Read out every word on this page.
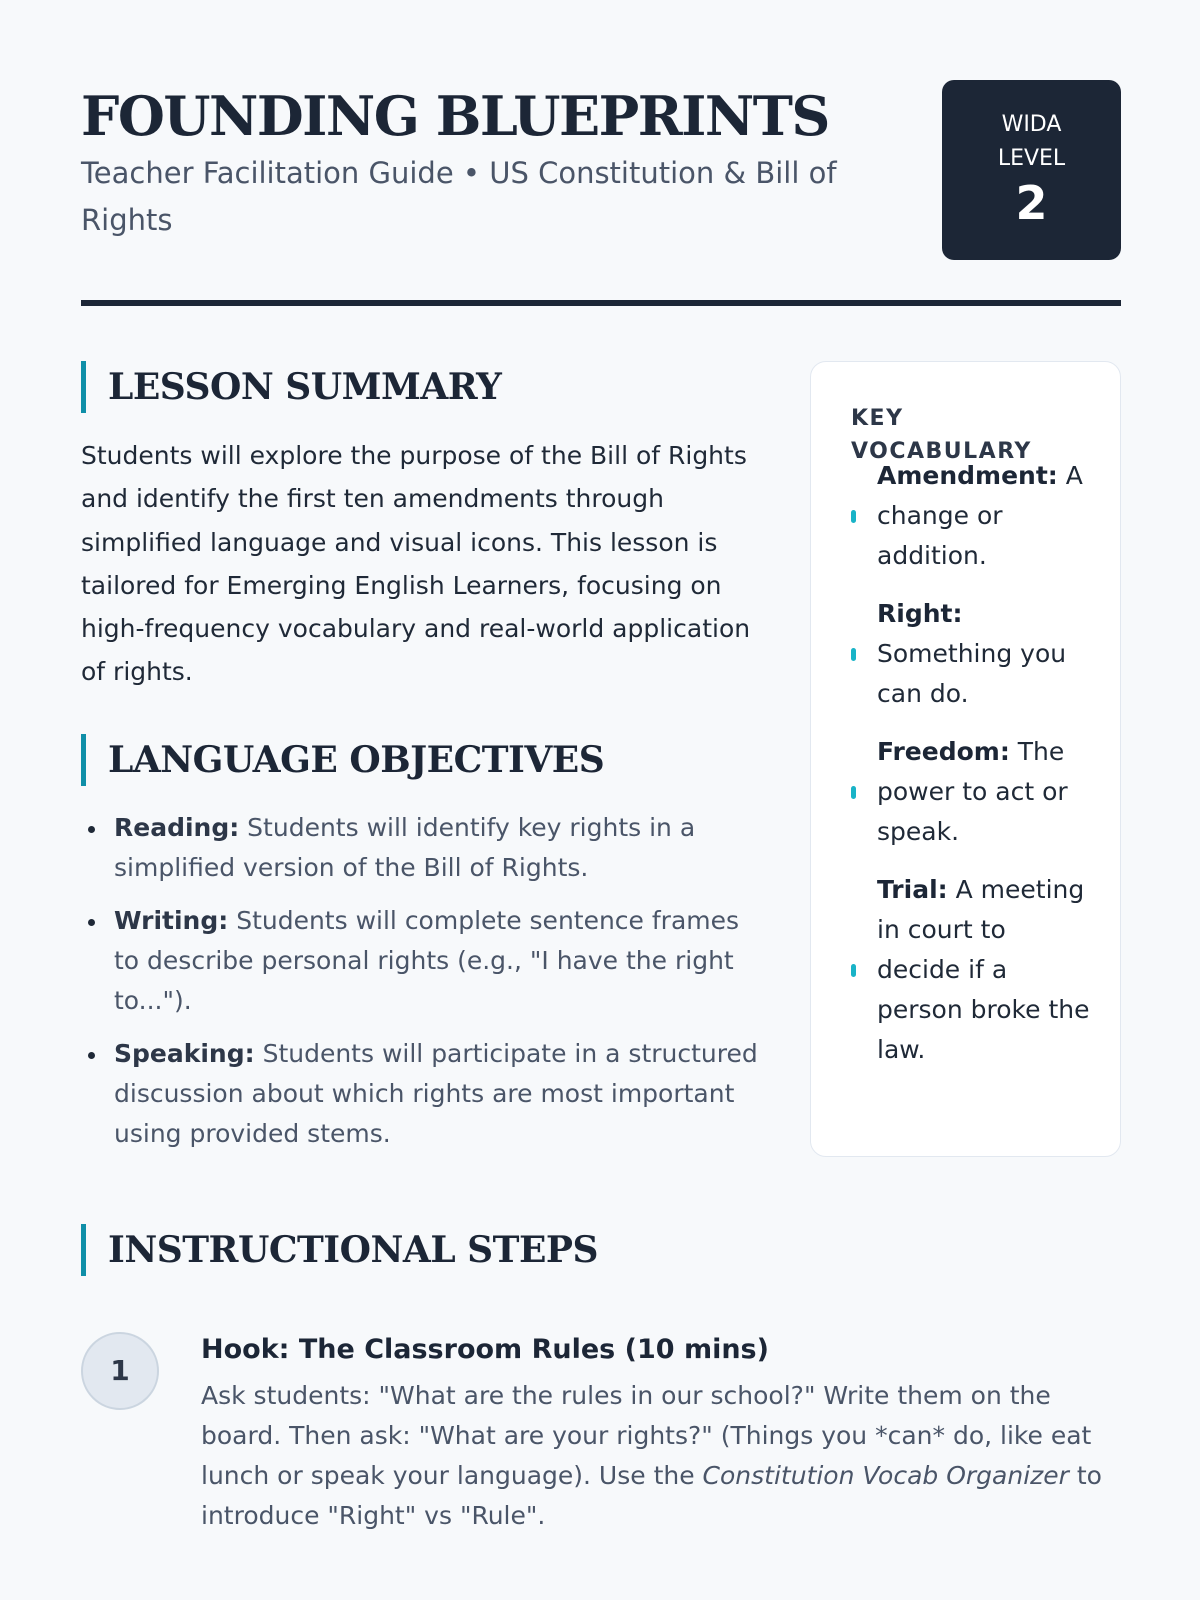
FOUNDING BLUEPRINTS
Teacher Facilitation Guide • US Constitution & Bill of Rights
WIDA
LEVEL
2
LESSON SUMMARY

Students will explore the purpose of the Bill of Rights and identify the first ten amendments through simplified language and visual icons. This lesson is tailored for Emerging English Learners, focusing on high-frequency vocabulary and real-world application of rights.

LANGUAGE OBJECTIVES
Reading: Students will identify key rights in a simplified version of the Bill of Rights.
Writing: Students will complete sentence frames to describe personal rights (e.g., "I have the right to...").
Speaking: Students will participate in a structured discussion about which rights are most important using provided stems.
KEY VOCABULARY
Amendment: A change or addition.
Right: Something you can do.
Freedom: The power to act or speak.
Trial: A meeting in court to decide if a person broke the law.
INSTRUCTIONAL STEPS
1
Hook: The Classroom Rules (10 mins)

Ask students: "What are the rules in our school?" Write them on the board. Then ask: "What are your rights?" (Things you *can* do, like eat lunch or speak your language). Use the Constitution Vocab Organizer to introduce "Right" vs "Rule".
